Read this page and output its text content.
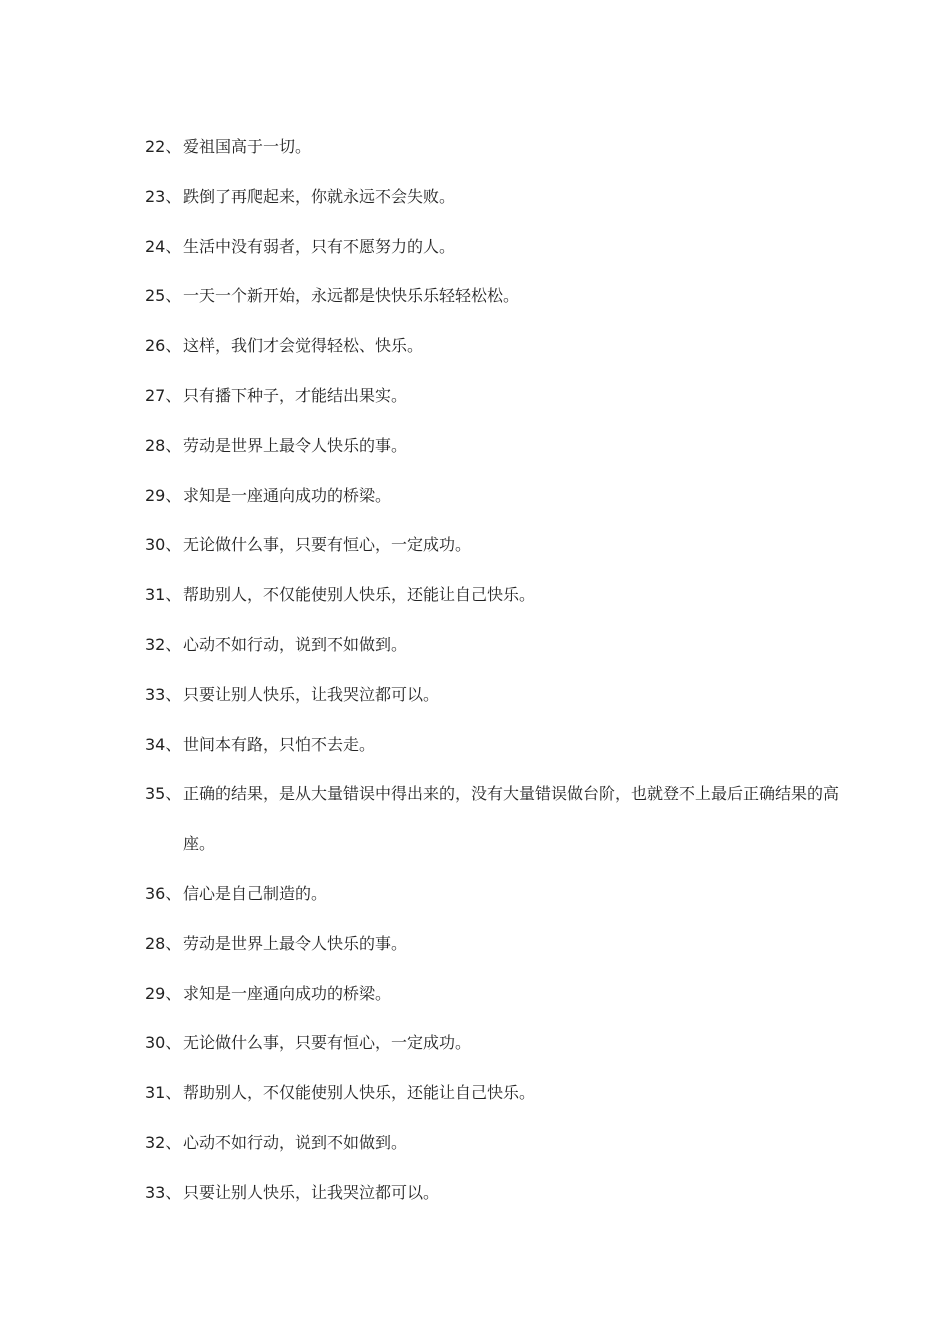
22、 爱祖国高于一切。
23、 跌倒了再爬起来，你就永远不会失败。
24、 生活中没有弱者，只有不愿努力的人。
25、 一天一个新开始，永远都是快快乐乐轻轻松松。
26、 这样，我们才会觉得轻松、快乐。
27、 只有播下种子，才能结出果实。
28、 劳动是世界上最令人快乐的事。
29、 求知是一座通向成功的桥梁。
30、 无论做什么事，只要有恒心，一定成功。
31、 帮助别人，不仅能使别人快乐，还能让自己快乐。
32、 心动不如行动，说到不如做到。
33、 只要让别人快乐，让我哭泣都可以。
34、 世间本有路，只怕不去走。
35、 正确的结果，是从大量错误中得出来的，没有大量错误做台阶，也就登不上最后正确结果的高座。
36、 信心是自己制造的。
28、 劳动是世界上最令人快乐的事。
29、 求知是一座通向成功的桥梁。
30、 无论做什么事，只要有恒心，一定成功。
31、 帮助别人，不仅能使别人快乐，还能让自己快乐。
32、 心动不如行动，说到不如做到。
33、 只要让别人快乐，让我哭泣都可以。
